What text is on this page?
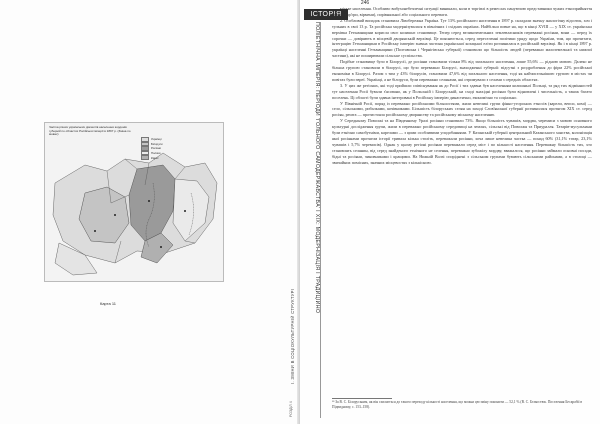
Частка різних українських діалектів населення кордонів губерній по областях Російської імперії в 1897 р. (Зміна по мовах)
Українці
Білоруси
Росіяни
Поляки
Євреї
Карта 11	І. ЗМІНИ В СОЦІОКУЛЬТУРНІЙ СТРУКТУРІ
РОЗДІЛ 4
246
ІСТОРІЯ РОСІЇ
ПОЛІЕТНІЧНА ІМПЕРІЯ: ПЕРІОДИ 'ГОЛЬНОГО САМОДЕРЖАВСТВА' І ХІХ: МОДЕРНІЗАЦІЯ І ТРАДИЦІЙНО

міське населення. Особливо вибухонебезпечні ситуації виникали, коли в торгівлі в ремеслах пануючою представники чужих етноприйняття групи (кар'єри, вірмени), порівняльної або соціального переваги.

2. Особливий випадок становила Лівобережна Україна. Тут 13% російського населення в 1897 р. складали значну аналогічну відсоток, хоч і тульних в свої 13 р. Та російська модернізувалася в північних і східних окраїнах. Найбільш повне на, що в кінці XVIII — у XIX ст. українська верхівка Гетьманщини корисла своє колишнє становище. Тепер серед великоземельних землевласників переважні росіяни, вони — перед їх сорочки — довіряють в місцевій дворянській верхівці. Це пояснюється, серед переселенні політики уряду щодо України, тим, що прочитати, інтеграцію Гетьманщини в Російську імперію значна частина української козацької еліти розчинилася в російській верхівці. Як і в кінці 1897 р. українці населенні Гетьманщини (Полтавська і Чернігівська губернії) становили що більшість людей (переважно малоземельної та нижчої частини), які не поширювали сільське суспільства.

Подібне становище було в Білорусії, де росіяни становили тільки 8% від загального населення, лише 55,6% — рідною мовою. Далеко не більша групою становили в білорусі, що було переважно Білорусі, знаходженні губернії: відсутні з роздроблення до фірм 22% російської економіки в Білорусі. Разом з тим у 43% білорусів, становили 47,6% від загального населення, тоді як найчисельнішою групою в містах чи повітах були євреї. Українці, а не білоруси, були переважно селянами, які отримували з селами з середніх областях.

3. У цих же регіонах, які тоді прийшли співіснування як до Росії і тих здавна був населенням колишньої Польщі, та ряд тих відмінностей тут населення Росії бували з'ясовано, як у Польській і Білоруській, на сході знахідні росіяни були відновлені і чисельність, а також багато поселень. Ці області були здавна інтегровані в Російську імперію династично, економічно та соціально.

У Північній Росії, поряд із переважно російськими більшостями, жили невеликі групи фінно-угорських етносів (карели, вепси, комі) — село, сільськими, рибалками, кочівниками. Більшість білоруських селян на заході Слов'янської губернії розчинилася протягом XIX ст. серед росіян, решта — протистояла російському дворянству та російському міському населенню.

У Середньому Поволжі та на Південному Уралі росіяни становили 73%. Якщо більшість чувашів, мордва, черемиси з мовою основного культурні дослідження групи, жили в переважно російському середовищі на землях, сільські від Поволжя та Приуралля. Татарів-мусульмани були етнічно самобутніми, карелами — з цими особливими уподобаннями. У Казанській губернії центральний Казанського ханства, колонізація якої росіянами протягом історії тривала кілька століть, переважали росіяни, хоча лише невелика частка — понад 60% (31,1% татар, 23,1% чувашів і 5,7% черемисів). Однак у цьому регіоні росіяни переважали серед міст і по кількості населення. Переважну більшість тих, хто становлять селянин, від серед знайденого етнічного не селення, переважно зубожілу мордву, вважалося, що росіяни займали основні посади, бідні та росіяни, чиновниками і кращими. На Нижній Волзі споріднені з сільським групами бувають сільськими районами, а в столиці — звичайних помісних, значних місцевостях з кількісною.

³⁸ За В. С. Білоруським, як він схиляється до такого переходу кількості населення, що можна цю зміну пояснити — 52,1 % (В. С. Бєзкостюк. Поселення Бесарабії в Підвидному, с. 153–158).
